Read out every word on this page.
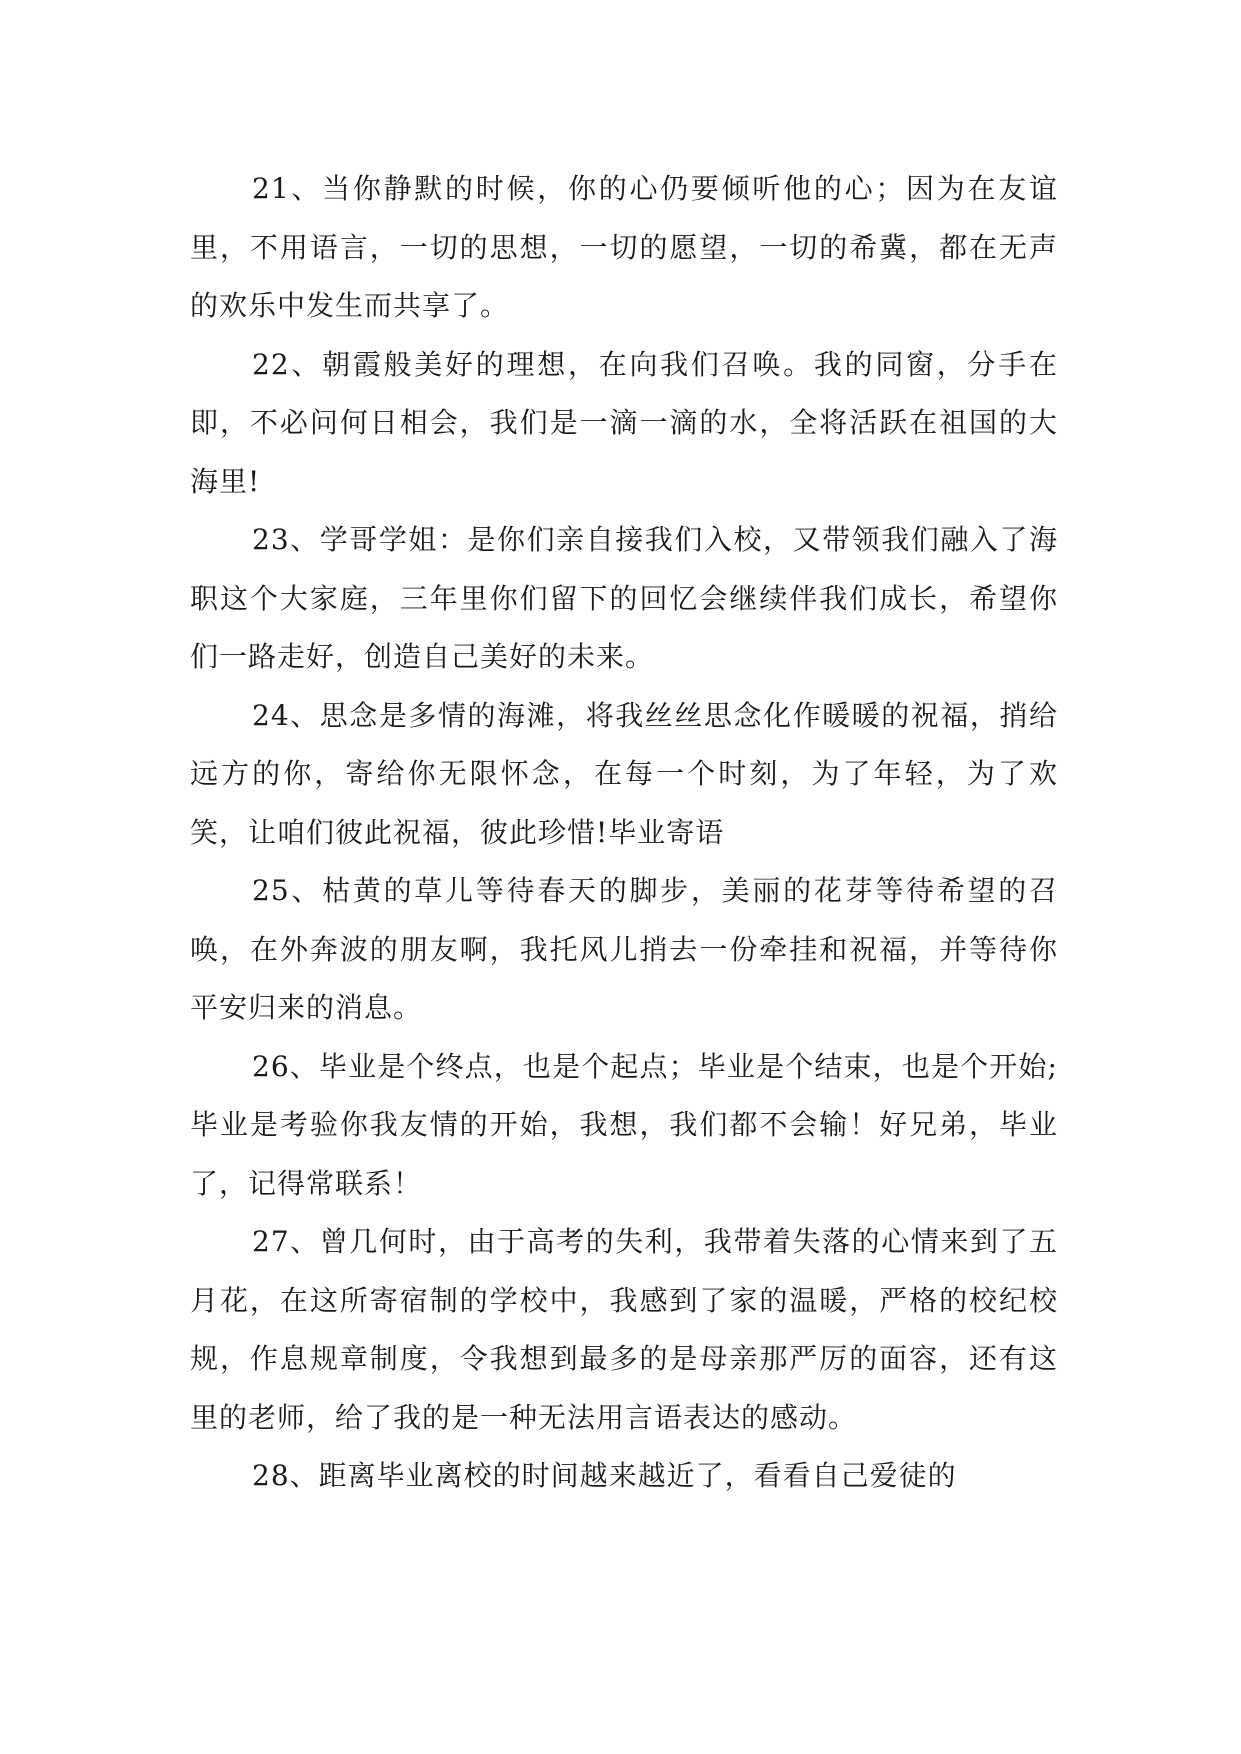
21、当你静默的时候，你的心仍要倾听他的心；因为在友谊里，不用语言，一切的思想，一切的愿望，一切的希冀，都在无声的欢乐中发生而共享了。

22、朝霞般美好的理想，在向我们召唤。我的同窗，分手在即，不必问何日相会，我们是一滴一滴的水，全将活跃在祖国的大海里!

23、学哥学姐：是你们亲自接我们入校，又带领我们融入了海职这个大家庭，三年里你们留下的回忆会继续伴我们成长，希望你们一路走好，创造自己美好的未来。

24、思念是多情的海滩，将我丝丝思念化作暖暖的祝福，捎给远方的你，寄给你无限怀念，在每一个时刻，为了年轻，为了欢笑，让咱们彼此祝福，彼此珍惜!毕业寄语

25、枯黄的草儿等待春天的脚步，美丽的花芽等待希望的召唤，在外奔波的朋友啊，我托风儿捎去一份牵挂和祝福，并等待你平安归来的消息。

26、毕业是个终点，也是个起点；毕业是个结束，也是个开始;毕业是考验你我友情的开始，我想，我们都不会输！好兄弟，毕业了，记得常联系！

27、曾几何时，由于高考的失利，我带着失落的心情来到了五月花，在这所寄宿制的学校中，我感到了家的温暖，严格的校纪校规，作息规章制度，令我想到最多的是母亲那严厉的面容，还有这里的老师，给了我的是一种无法用言语表达的感动。

28、距离毕业离校的时间越来越近了，看看自己爱徒的
